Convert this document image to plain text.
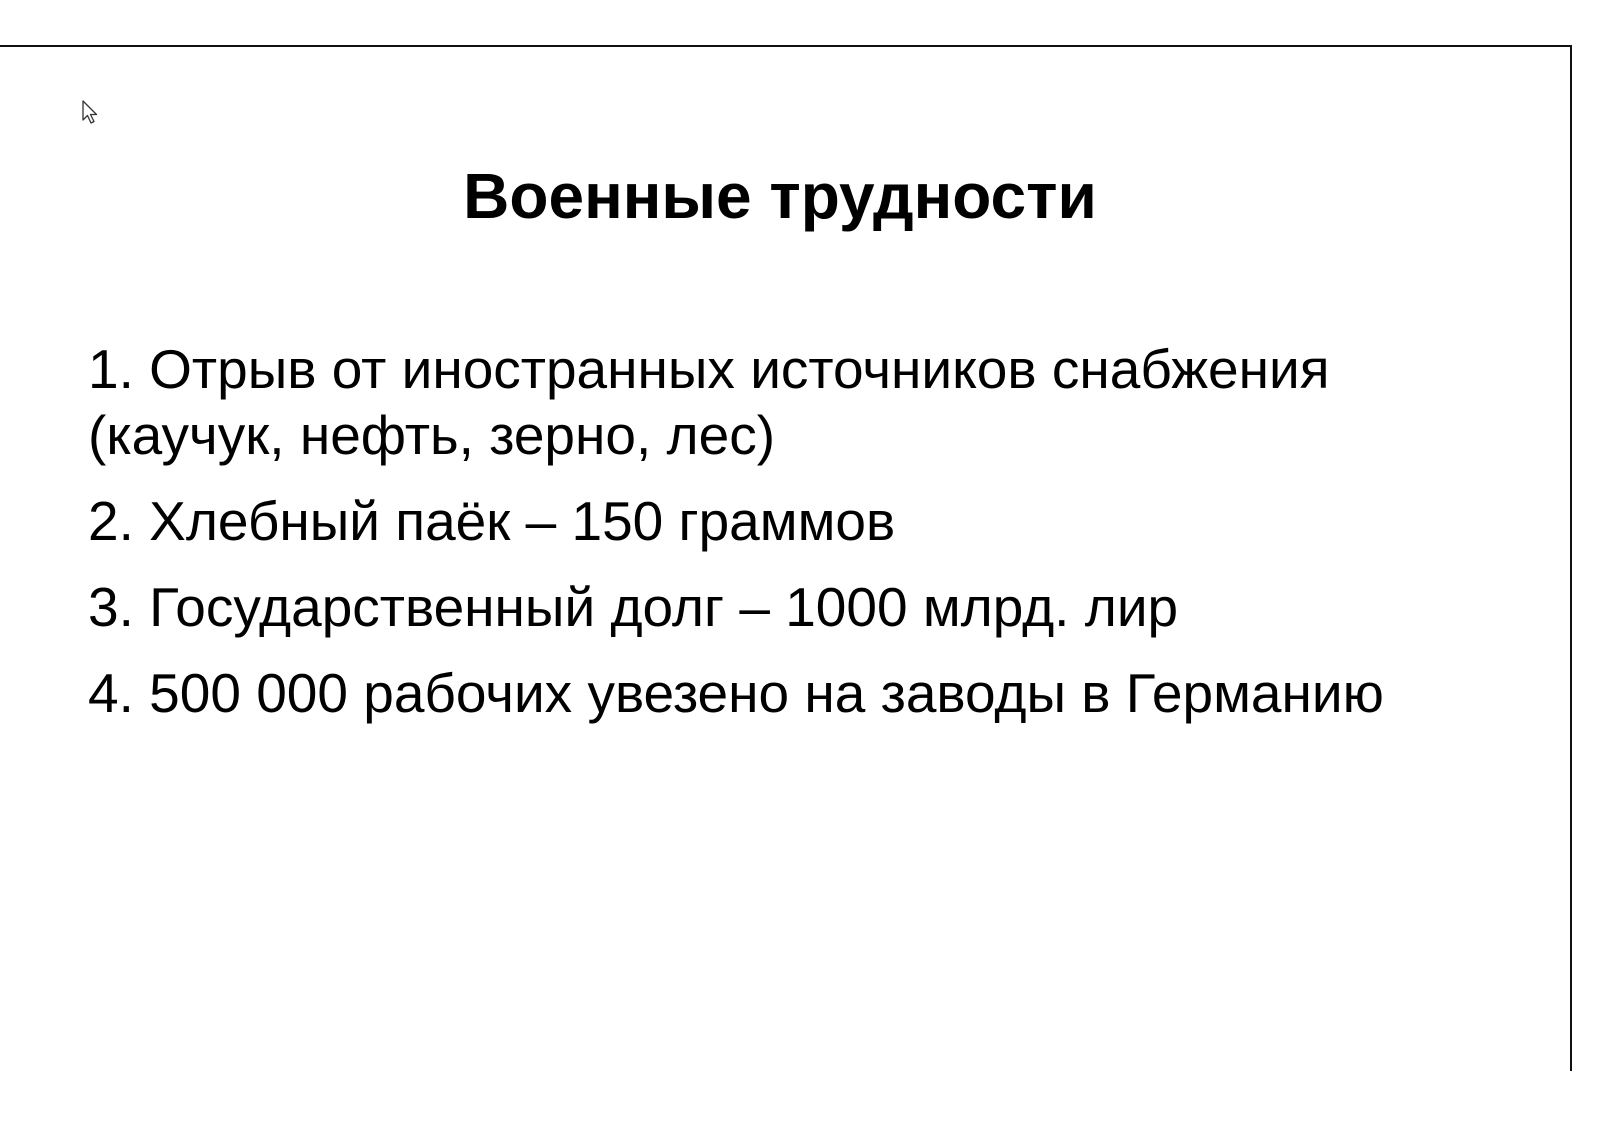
Военные трудности
1. Отрыв от иностранных источников снабжения (каучук, нефть, зерно, лес)
2. Хлебный паёк – 150 граммов
3. Государственный долг – 1000 млрд. лир
4. 500 000 рабочих увезено на заводы в Германию
